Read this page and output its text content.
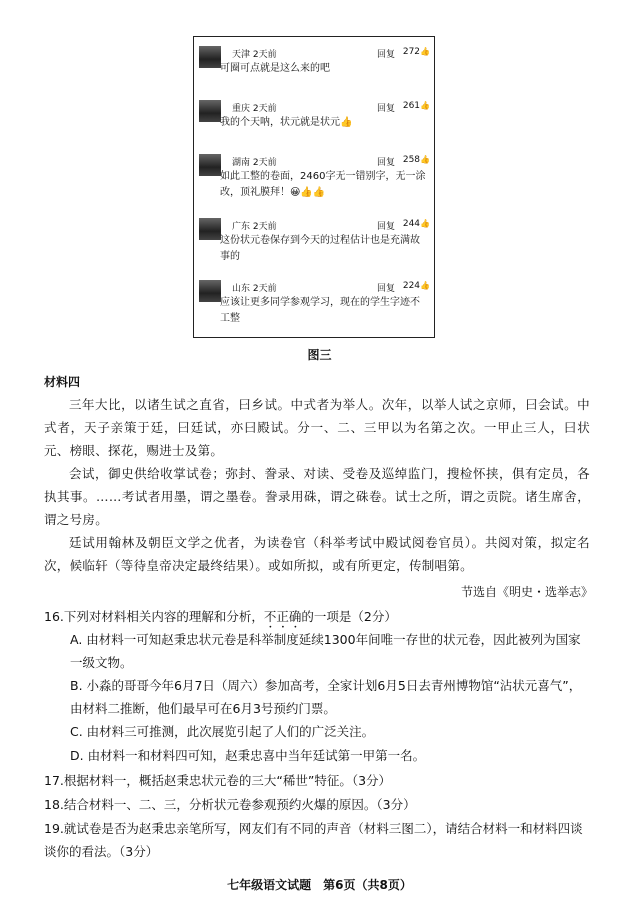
天津 2天前	回复 272👍
可圈可点就是这么来的吧
重庆 2天前	回复 261👍
我的个天呐，状元就是状元👍
湖南 2天前	回复 258👍
如此工整的卷面，2460字无一错别字，无一涂改，顶礼膜拜！😀👍👍
广东 2天前	回复 244👍
这份状元卷保存到今天的过程估计也是充满故事的
山东 2天前	回复 224👍
应该让更多同学参观学习，现在的学生字迹不工整
图三
材料四
三年大比，以诸生试之直省，曰乡试。中式者为举人。次年，以举人试之京师，曰会试。中式者，天子亲策于廷，曰廷试，亦曰殿试。分一、二、三甲以为名第之次。一甲止三人，曰状元、榜眼、探花，赐进士及第。
会试，御史供给收掌试卷；弥封、誊录、对读、受卷及巡绰监门，搜检怀挟，俱有定员，各执其事。……考试者用墨，谓之墨卷。誊录用硃，谓之硃卷。试士之所，谓之贡院。诸生席舍，谓之号房。
廷试用翰林及朝臣文学之优者，为读卷官（科举考试中殿试阅卷官员）。共阅对策，拟定名次，候临轩（等待皇帝决定最终结果）。或如所拟，或有所更定，传制唱第。
节选自《明史・选举志》
16.下列对材料相关内容的理解和分析，不正确的一项是（2分）
A. 由材料一可知赵秉忠状元卷是科举制度延续1300年间唯一存世的状元卷，因此被列为国家一级文物。
B. 小淼的哥哥今年6月7日（周六）参加高考，全家计划6月5日去青州博物馆“沾状元喜气”，由材料二推断，他们最早可在6月3号预约门票。
C. 由材料三可推测，此次展览引起了人们的广泛关注。
D. 由材料一和材料四可知，赵秉忠喜中当年廷试第一甲第一名。
17.根据材料一，概括赵秉忠状元卷的三大“稀世”特征。（3分）
18.结合材料一、二、三，分析状元卷参观预约火爆的原因。（3分）
19.就试卷是否为赵秉忠亲笔所写，网友们有不同的声音（材料三图二），请结合材料一和材料四谈谈你的看法。（3分）
七年级语文试题　第6页（共8页）
